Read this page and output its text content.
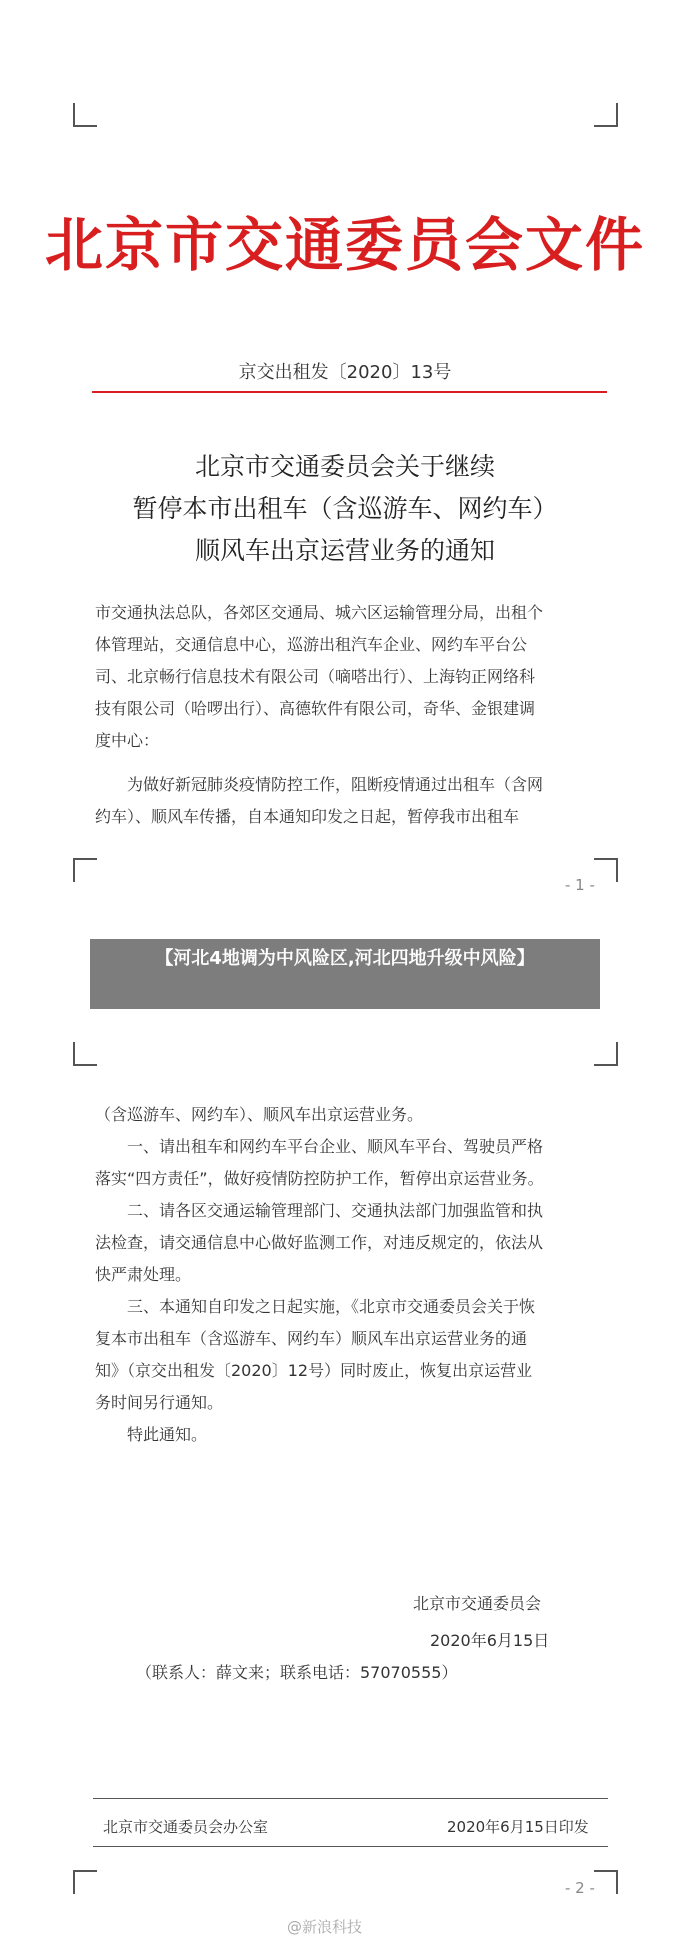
北京市交通委员会文件
京交出租发〔2020〕13号
北京市交通委员会关于继续
暂停本市出租车（含巡游车、网约车）
顺风车出京运营业务的通知
市交通执法总队，各郊区交通局、城六区运输管理分局，出租个
体管理站，交通信息中心，巡游出租汽车企业、网约车平台公
司、北京畅行信息技术有限公司（嘀嗒出行）、上海钧正网络科
技有限公司（哈啰出行）、高德软件有限公司，奇华、金银建调
度中心：
　　为做好新冠肺炎疫情防控工作，阻断疫情通过出租车（含网
约车）、顺风车传播，自本通知印发之日起，暂停我市出租车
- 1 -
【河北4地调为中风险区,河北四地升级中风险】
（含巡游车、网约车）、顺风车出京运营业务。
　　一、请出租车和网约车平台企业、顺风车平台、驾驶员严格
落实“四方责任”，做好疫情防控防护工作，暂停出京运营业务。
　　二、请各区交通运输管理部门、交通执法部门加强监管和执
法检查，请交通信息中心做好监测工作，对违反规定的，依法从
快严肃处理。
　　三、本通知自印发之日起实施，《北京市交通委员会关于恢
复本市出租车（含巡游车、网约车）顺风车出京运营业务的通
知》（京交出租发〔2020〕12号）同时废止，恢复出京运营业
务时间另行通知。
　　特此通知。
北京市交通委员会
2020年6月15日
（联系人：薛文来；联系电话：57070555）
北京市交通委员会办公室	2020年6月15日印发
- 2 -
@新浪科技
